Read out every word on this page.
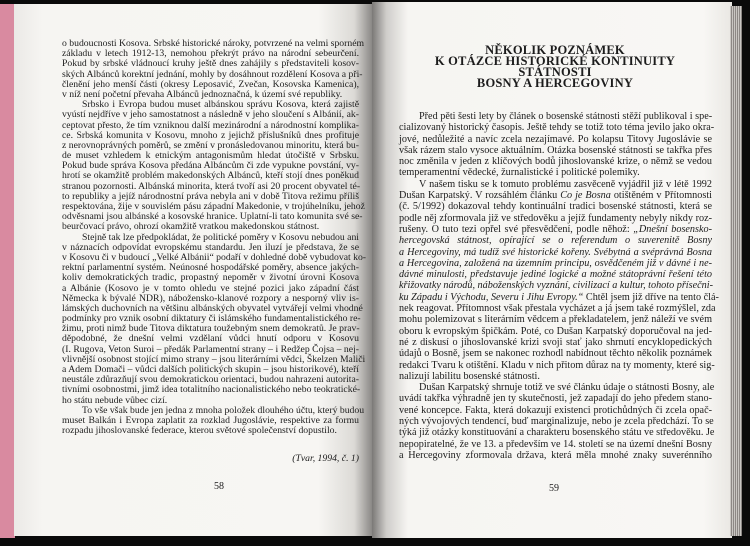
o budoucnosti Kosova. Srbské historické nároky, potvrzené na velmi sporném
základu v letech 1912-13, nemohou překrýt právo na národní sebeurčení.
Pokud by srbské vládnoucí kruhy ještě dnes zahájily s představiteli kosov-
ských Albánců korektní jednání, mohly by dosáhnout rozdělení Kosova a při-
členění jeho menší části (okresy Leposavić, Zvečan, Kosovska Kamenica),
v níž není početní převaha Albánců jednoznačná, k území své republiky.
Srbsko i Evropa budou muset albánskou správu Kosova, která zajistě
vyústí nejdříve v jeho samostatnost a následně v jeho sloučení s Albánií, ak-
ceptovat přesto, že tím vzniknou další mezinárodní a národnostní komplika-
ce. Srbská komunita v Kosovu, mnoho z jejichž příslušníků dnes profituje
z nerovnoprávných poměrů, se změní v pronásledovanou minoritu, která bu-
de muset vzhledem k etnickým antagonismům hledat útočiště v Srbsku.
Pokud bude správa Kosova předána Albáncům či zde vypukne povstání, vy-
hrotí se okamžitě problém makedonských Albánců, kteří stojí dnes poněkud
stranou pozornosti. Albánská minorita, která tvoří asi 20 procent obyvatel té-
to republiky a jejíž národnostní práva nebyla ani v době Titova režimu příliš
respektována, žije v souvislém pásu západní Makedonie, v trojúhelníku, jehož
odvěsnami jsou albánské a kosovské hranice. Uplatní-li tato komunita své se-
beurčovací právo, ohrozí okamžitě vratkou makedonskou státnost.
Stejně tak lze předpokládat, že politické poměry v Kosovu nebudou ani
v náznacích odpovídat evropskému standardu. Jen iluzí je představa, že se
v Kosovu či v budoucí „Velké Albánii“ podaří v dohledné době vybudovat ko-
rektní parlamentní systém. Neúnosné hospodářské poměry, absence jakých-
koliv demokratických tradic, propastný nepoměr v životní úrovni Kosova
a Albánie (Kosovo je v tomto ohledu ve stejné pozici jako západní část
Německa k bývalé NDR), nábožensko-klanové rozpory a nesporný vliv is-
lámských duchovních na většinu albánských obyvatel vytvářejí velmi vhodné
podmínky pro vznik osobní diktatury či islámského fundamentalistického re-
žimu, proti nimž bude Titova diktatura toužebným snem demokratů. Je prav-
děpodobné, že dnešní velmi vzdělaní vůdci hnutí odporu v Kosovu
(I. Rugova, Veton Suroi – předák Parlamentní strany – i Redžep Čojsa – nej-
vlivnější osobnost stojící mimo strany – jsou literárními vědci, Škelzen Maliči
a Adem Domači – vůdci dalších politických skupin – jsou historikové), kteří
neustále zdůrazňují svou demokratickou orientaci, budou nahrazeni autorita-
tivními osobnostmi, jimž idea totalitního nacionalistického nebo teokratické-
ho státu nebude vůbec cizí.
To vše však bude jen jedna z mnoha položek dlouhého účtu, který budou
muset Balkán i Evropa zaplatit za rozklad Jugoslávie, respektive za formu
rozpadu jihoslovanské federace, kterou světové společenství dopustilo.
(Tvar, 1994, č. 1)
58
NĚKOLIK POZNÁMEK
K OTÁZCE HISTORICKÉ KONTINUITY
STÁTNOSTI
BOSNY A HERCEGOVINY
Před pěti šesti lety by článek o bosenské státnosti stěží publikoval i spe-
cializovaný historický časopis. Ještě tehdy se totiž toto téma jevilo jako okra-
jové, nedůležité a navíc zcela nezajímavé. Po kolapsu Titovy Jugoslávie se
však rázem stalo vysoce aktuálním. Otázka bosenské státnosti se takřka přes
noc změnila v jeden z klíčových bodů jihoslovanské krize, o němž se vedou
temperamentní vědecké, žurnalistické i politické polemiky.
V našem tisku se k tomuto problému zasvěceně vyjádřil již v létě 1992
Dušan Karpatský. V rozsáhlém článku Co je Bosna otištěném v Přítomnosti
(č. 5/1992) dokazoval tehdy kontinuální tradici bosenské státnosti, která se
podle něj zformovala již ve středověku a jejíž fundamenty nebyly nikdy roz-
rušeny. O tuto tezi opřel své přesvědčení, podle něhož: „Dnešní bosensko-
hercegovská státnost, opírající se o referendum o suverenitě Bosny
a Hercegoviny, má tudíž své historické kořeny. Svébytná a svéprávná Bosna
a Hercegovina, založená na územním principu, osvědčeném již v dávné i ne-
dávné minulosti, představuje jediné logické a možné státoprávní řešení této
křižovatky národů, náboženských vyznání, civilizací a kultur, tohoto přísečni-
ku Západu i Východu, Severu i Jihu Evropy.“ Chtěl jsem již dříve na tento člá-
nek reagovat. Přítomnost však přestala vycházet a já jsem také rozmýšlel, zda
mohu polemizovat s literárním vědcem a překladatelem, jenž náleží ve svém
oboru k evropským špičkám. Poté, co Dušan Karpatský doporučoval na jed-
né z diskusí o jihoslovanské krizi svoji stať jako shrnutí encyklopedických
údajů o Bosně, jsem se nakonec rozhodl nabídnout těchto několik poznámek
redakci Tvaru k otištění. Kladu v nich přitom důraz na ty momenty, které sig-
nalizují labilitu bosenské státnosti.
Dušan Karpatský shrnuje totiž ve své článku údaje o státnosti Bosny, ale
uvádí takřka výhradně jen ty skutečnosti, jež zapadají do jeho předem stano-
vené koncepce. Fakta, která dokazují existenci protichůdných či zcela opač-
ných vývojových tendencí, buď marginalizuje, nebo je zcela předchází. To se
týká již otázky konstituování a charakteru bosenského státu ve středověku. Je
nepopiratelné, že ve 13. a především ve 14. století se na území dnešní Bosny
a Hercegoviny zformovala država, která měla mnohé znaky suverénního
59
